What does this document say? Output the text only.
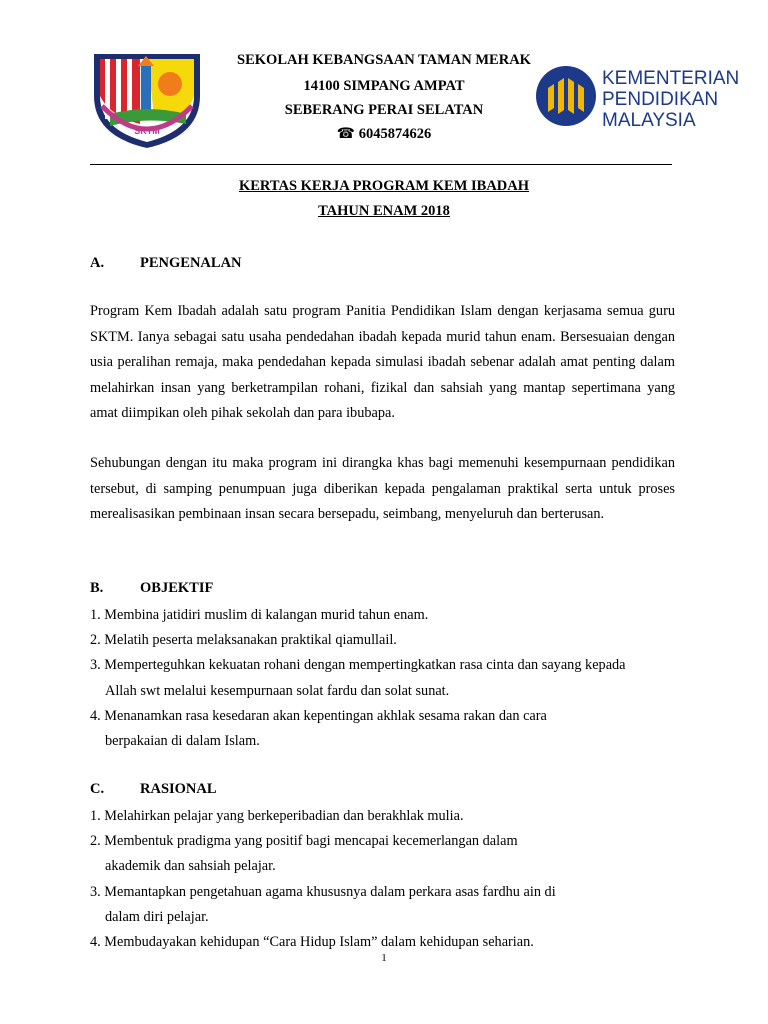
SKTM
SEKOLAH KEBANGSAAN TAMAN MERAK
14100 SIMPANG AMPAT
SEBERANG PERAI SELATAN
☎ 6045874626
KEMENTERIAN
PENDIDIKAN
MALAYSIA
KERTAS KERJA PROGRAM KEM IBADAH
TAHUN ENAM 2018
A. PENGENALAN
Program Kem Ibadah adalah satu program Panitia Pendidikan Islam dengan kerjasama semua guru SKTM. Ianya sebagai satu usaha pendedahan ibadah kepada murid tahun enam. Bersesuaian dengan usia peralihan remaja, maka pendedahan kepada simulasi ibadah sebenar adalah amat penting dalam melahirkan insan yang berketrampilan rohani, fizikal dan sahsiah yang mantap sepertimana yang amat diimpikan oleh pihak sekolah dan para ibubapa.
Sehubungan dengan itu maka program ini dirangka khas bagi memenuhi kesempurnaan pendidikan tersebut, di samping penumpuan juga diberikan kepada pengalaman praktikal serta untuk proses merealisasikan pembinaan insan secara bersepadu, seimbang, menyeluruh dan berterusan.
B.	OBJEKTIF
1. Membina jatidiri muslim di kalangan murid tahun enam.
2. Melatih peserta melaksanakan praktikal qiamullail.
3. Memperteguhkan kekuatan rohani dengan mempertingkatkan rasa cinta dan sayang kepada
Allah swt melalui kesempurnaan solat fardu dan solat sunat.
4. Menanamkan rasa kesedaran akan kepentingan akhlak sesama rakan dan cara
berpakaian di dalam Islam.
C. RASIONAL
1. Melahirkan pelajar yang berkeperibadian dan berakhlak mulia.
2. Membentuk pradigma yang positif bagi mencapai kecemerlangan dalam
akademik dan sahsiah pelajar.
3. Memantapkan pengetahuan agama khususnya dalam perkara asas fardhu ain di
dalam diri pelajar.
4. Membudayakan kehidupan “Cara Hidup Islam” dalam kehidupan seharian.
1
